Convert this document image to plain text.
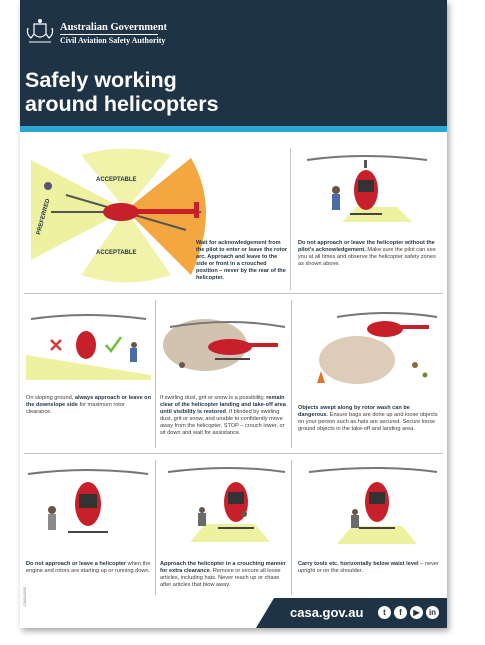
Australian Government
Civil Aviation Safety Authority
Safely working
around helicopters
PREFERRED
ACCEPTABLE
ACCEPTABLE
Wait for acknowledgement from the pilot to enter or leave the rotor arc. Approach and leave to the side or front in a crouched position – never by the rear of the helicopter.
Do not approach or leave the helicopter without the pilot's acknowledgement. Make sure the pilot can see you at all times and observe the helicopter safety zones as shown above.
On sloping ground, always approach or leave on the downslope side for maximum rotor clearance.
If swirling dust, grit or snow is a possibility, remain clear of the helicopter landing and take-off area until visibility is restored. If blinded by swirling dust, grit or snow, and unable to confidently move away from the helicopter, STOP – crouch lower, or sit down and wait for assistance.
Objects swept along by rotor wash can be dangerous. Ensure bags are done up and loose objects on your person such as hats are secured. Secure loose ground objects in the take-off and landing area.
Do not approach or leave a helicopter when the engine and rotors are starting up or running down.
Approach the helicopter in a crouching manner for extra clearance. Remove or secure all loose articles, including hats. Never reach up or chase after articles that blow away.
Carry tools etc. horizontally below waist level – never upright or on the shoulder.
casa.gov.au	t	f	▶	in
CASA 00/00
